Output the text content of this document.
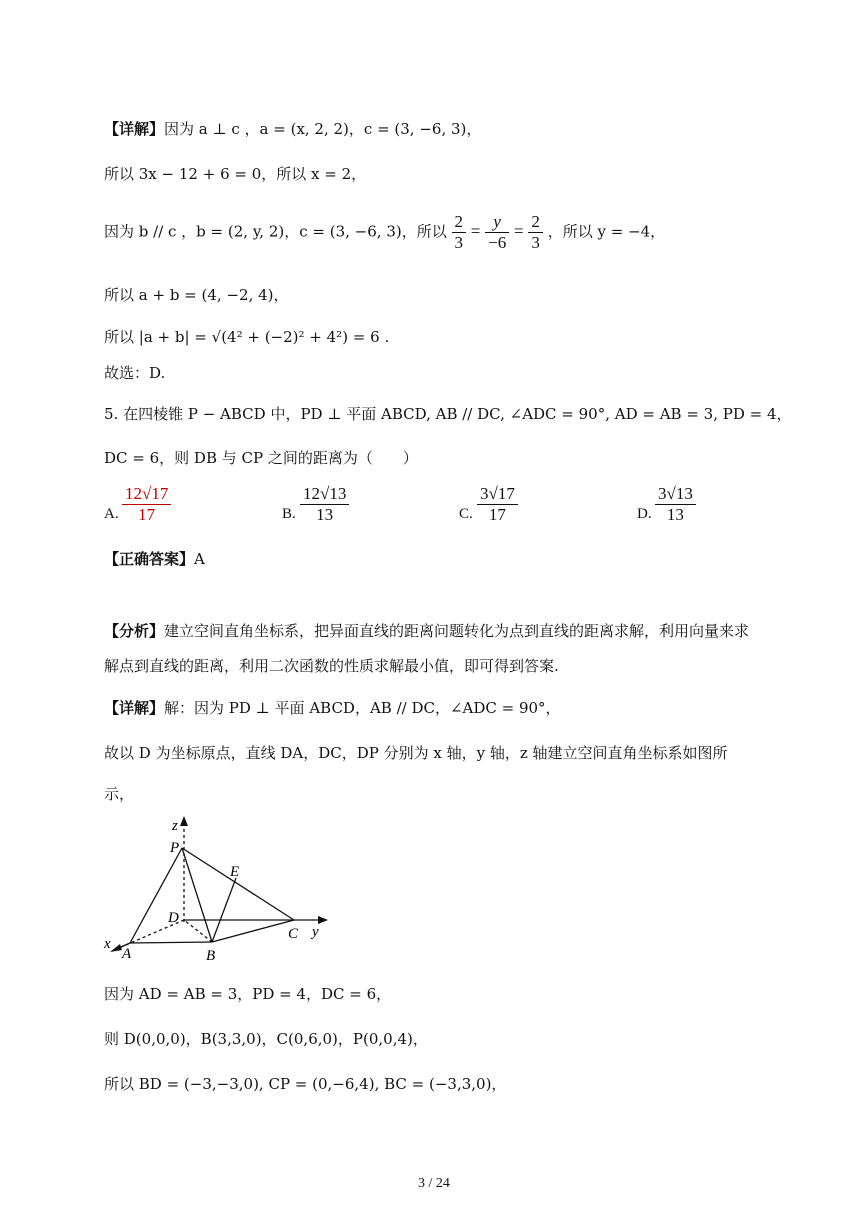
【详解】因为 a ⊥ c ，a = (x, 2, 2)，c = (3, −6, 3)，
所以 3x − 12 + 6 = 0，所以 x = 2，
因为 b // c ，b = (2, y, 2)，c = (3, −6, 3)，所以 $\frac{2}{3} = \frac{y}{-6} = \frac{2}{3}$ ，所以 y = −4，
所以 a + b = (4, −2, 4)，
所以 |a + b| = √(4² + (−2)² + 4²) = 6 .
故选：D.
5. 在四棱锥 P − ABCD 中，PD ⊥ 平面 ABCD, AB // DC, ∠ADC = 90°, AD = AB = 3, PD = 4，
DC = 6，则 DB 与 CP 之间的距离为（　　）
A. $\frac{12√17}{17}$	B. $\frac{12√13}{13}$	C. $\frac{3√17}{17}$	D. $\frac{3√13}{13}$
【正确答案】A
【分析】建立空间直角坐标系，把异面直线的距离问题转化为点到直线的距离求解，利用向量来求
解点到直线的距离，利用二次函数的性质求解最小值，即可得到答案.
【详解】解：因为 PD ⊥ 平面 ABCD，AB // DC，∠ADC = 90°，
故以 D 为坐标原点，直线 DA，DC，DP 分别为 x 轴，y 轴，z 轴建立空间直角坐标系如图所
示，
z
P
E
D
C y
x
A	B
因为 AD = AB = 3，PD = 4，DC = 6，
则 D(0,0,0)，B(3,3,0)，C(0,6,0)，P(0,0,4)，
所以 BD = (−3,−3,0), CP = (0,−6,4), BC = (−3,3,0)，
3 / 24
